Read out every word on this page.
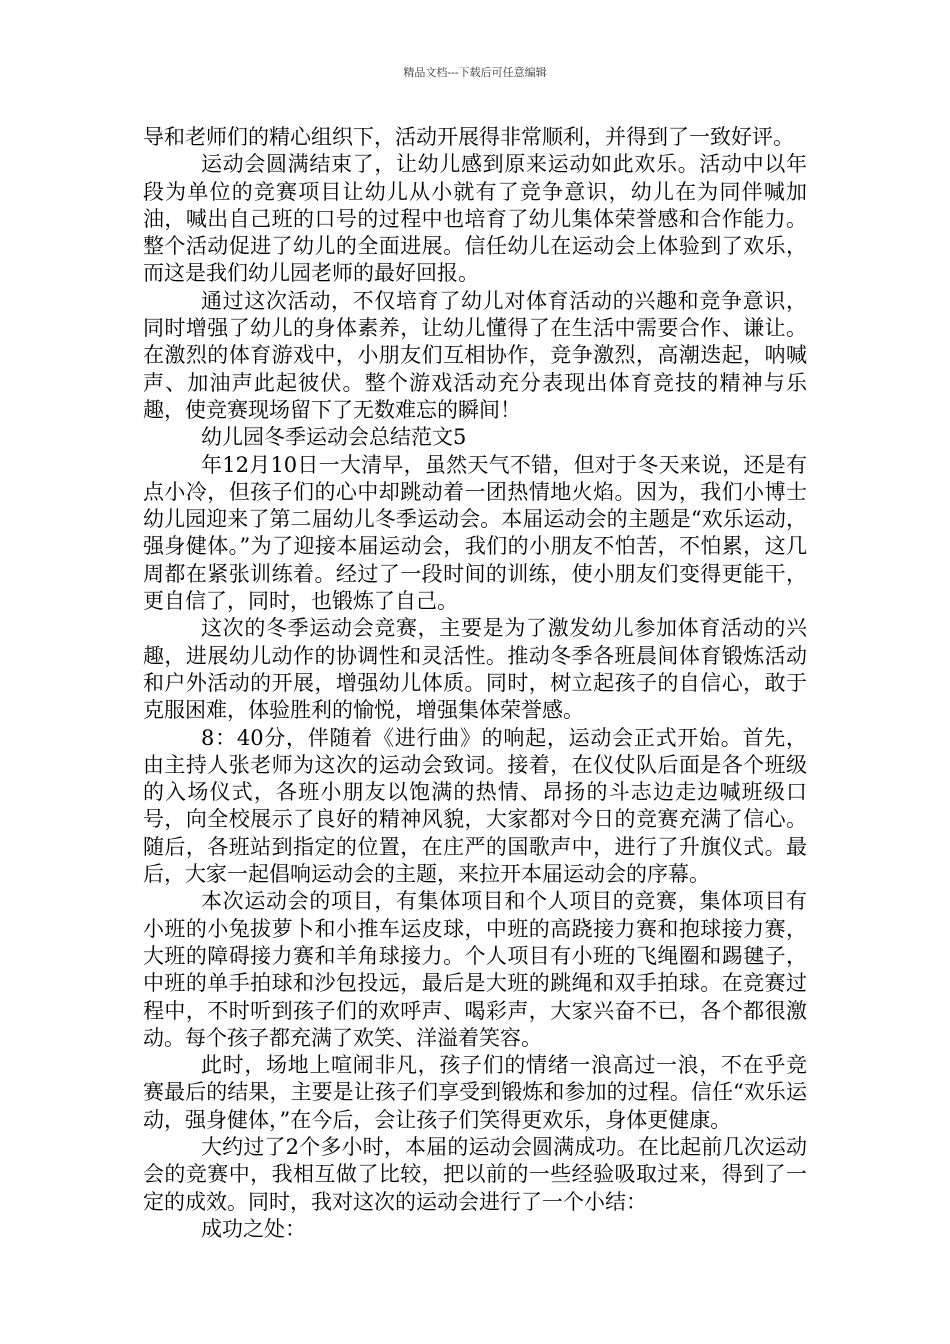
精品文档---下载后可任意编辑

导和老师们的精心组织下，活动开展得非常顺利，并得到了一致好评。

运动会圆满结束了，让幼儿感到原来运动如此欢乐。活动中以年段为单位的竞赛项目让幼儿从小就有了竞争意识，幼儿在为同伴喊加油，喊出自己班的口号的过程中也培育了幼儿集体荣誉感和合作能力。整个活动促进了幼儿的全面进展。信任幼儿在运动会上体验到了欢乐，而这是我们幼儿园老师的最好回报。

通过这次活动，不仅培育了幼儿对体育活动的兴趣和竞争意识，同时增强了幼儿的身体素养，让幼儿懂得了在生活中需要合作、谦让。在激烈的体育游戏中，小朋友们互相协作，竞争激烈，高潮迭起，呐喊声、加油声此起彼伏。整个游戏活动充分表现出体育竞技的精神与乐趣，使竞赛现场留下了无数难忘的瞬间！

幼儿园冬季运动会总结范文5

年12月10日一大清早，虽然天气不错，但对于冬天来说，还是有点小冷，但孩子们的心中却跳动着一团热情地火焰。因为，我们小博士幼儿园迎来了第二届幼儿冬季运动会。本届运动会的主题是“欢乐运动，强身健体。”为了迎接本届运动会，我们的小朋友不怕苦，不怕累，这几周都在紧张训练着。经过了一段时间的训练，使小朋友们变得更能干，更自信了，同时，也锻炼了自己。

这次的冬季运动会竞赛，主要是为了激发幼儿参加体育活动的兴趣，进展幼儿动作的协调性和灵活性。推动冬季各班晨间体育锻炼活动和户外活动的开展，增强幼儿体质。同时，树立起孩子的自信心，敢于克服困难，体验胜利的愉悦，增强集体荣誉感。

8：40分，伴随着《进行曲》的响起，运动会正式开始。首先，由主持人张老师为这次的运动会致词。接着，在仪仗队后面是各个班级的入场仪式，各班小朋友以饱满的热情、昂扬的斗志边走边喊班级口号，向全校展示了良好的精神风貌，大家都对今日的竞赛充满了信心。随后，各班站到指定的位置，在庄严的国歌声中，进行了升旗仪式。最后，大家一起倡响运动会的主题，来拉开本届运动会的序幕。

本次运动会的项目，有集体项目和个人项目的竞赛，集体项目有小班的小兔拔萝卜和小推车运皮球，中班的高跷接力赛和抱球接力赛，大班的障碍接力赛和羊角球接力。个人项目有小班的飞绳圈和踢毽子，中班的单手拍球和沙包投远，最后是大班的跳绳和双手拍球。在竞赛过程中，不时听到孩子们的欢呼声、喝彩声，大家兴奋不已，各个都很激动。每个孩子都充满了欢笑、洋溢着笑容。

此时，场地上喧闹非凡，孩子们的情绪一浪高过一浪，不在乎竞赛最后的结果，主要是让孩子们享受到锻炼和参加的过程。信任“欢乐运动，强身健体，”在今后，会让孩子们笑得更欢乐，身体更健康。

大约过了2个多小时，本届的运动会圆满成功。在比起前几次运动会的竞赛中，我相互做了比较，把以前的一些经验吸取过来，得到了一定的成效。同时，我对这次的运动会进行了一个小结：

成功之处：
